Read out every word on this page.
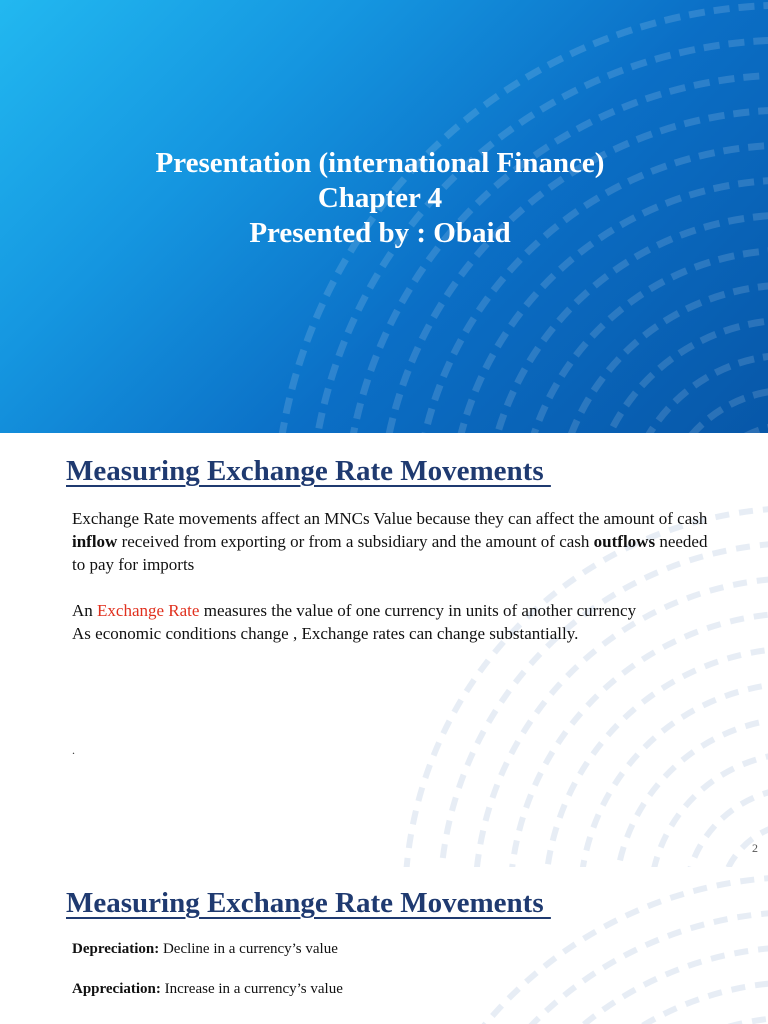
Presentation (international Finance)
Chapter 4
Presented by : Obaid
Measuring Exchange Rate Movements

Exchange Rate movements affect an MNCs Value because they can affect the amount of cash inflow received from exporting or from a subsidiary and the amount of cash outflows needed to pay for imports

An Exchange Rate measures the value of one currency in units of another currency

As economic conditions change , Exchange rates can change substantially.

.
2
Measuring Exchange Rate Movements
Depreciation: Decline in a currency’s value
Appreciation: Increase in a currency’s value
